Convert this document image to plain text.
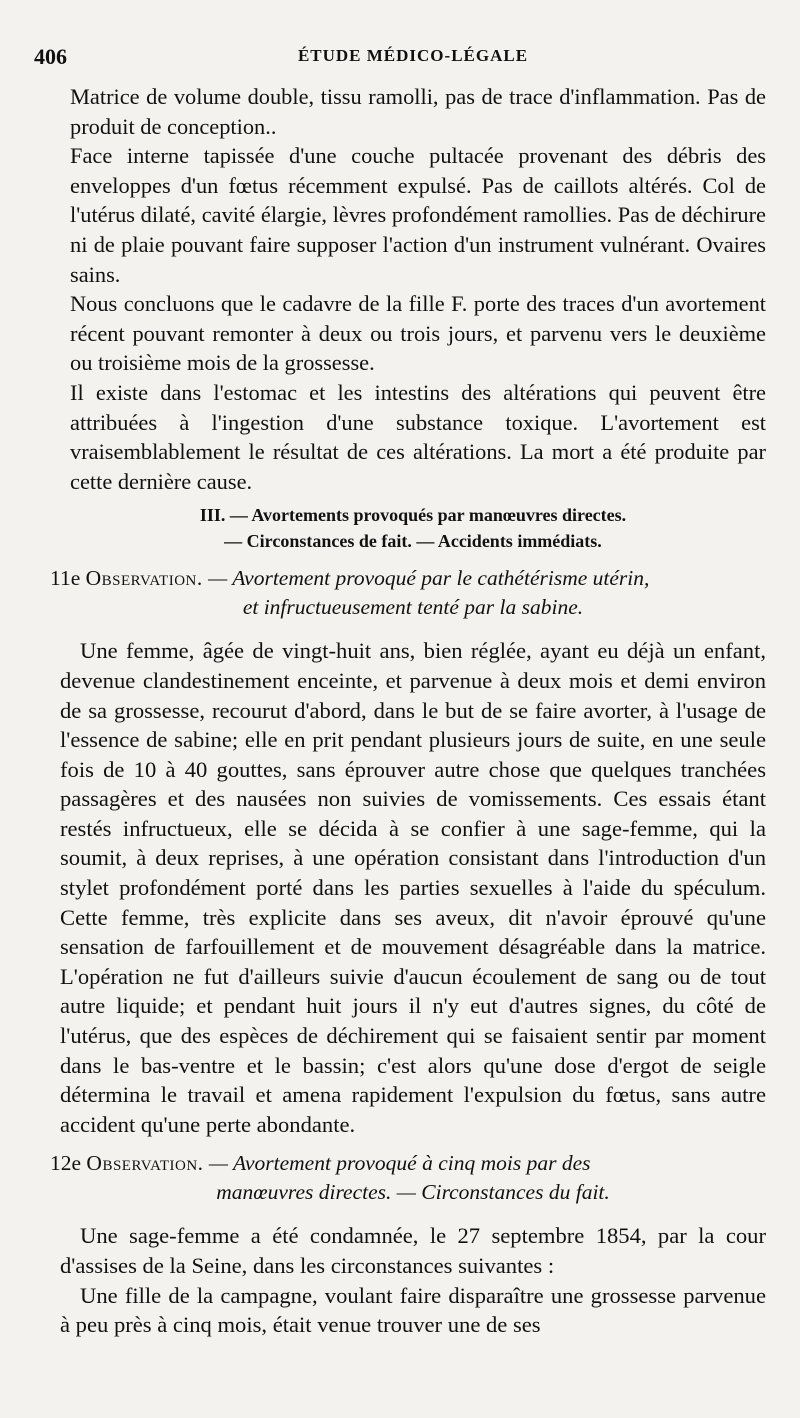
406	ÉTUDE MÉDICO-LÉGALE

Matrice de volume double, tissu ramolli, pas de trace d'inflammation. Pas de produit de conception..

Face interne tapissée d'une couche pultacée provenant des débris des enveloppes d'un fœtus récemment expulsé. Pas de caillots altérés. Col de l'utérus dilaté, cavité élargie, lèvres profondément ramollies. Pas de déchirure ni de plaie pouvant faire supposer l'action d'un instrument vulnérant. Ovaires sains.

Nous concluons que le cadavre de la fille F. porte des traces d'un avortement récent pouvant remonter à deux ou trois jours, et parvenu vers le deuxième ou troisième mois de la grossesse.

Il existe dans l'estomac et les intestins des altérations qui peuvent être attribuées à l'ingestion d'une substance toxique. L'avortement est vraisemblablement le résultat de ces altérations. La mort a été produite par cette dernière cause.

III. — Avortements provoqués par manœuvres directes.
— Circonstances de fait. — Accidents immédiats.
11e Observation. — Avortement provoqué par le cathétérisme utérin,
et infructueusement tenté par la sabine.

Une femme, âgée de vingt-huit ans, bien réglée, ayant eu déjà un enfant, devenue clandestinement enceinte, et parvenue à deux mois et demi environ de sa grossesse, recourut d'abord, dans le but de se faire avorter, à l'usage de l'essence de sabine; elle en prit pendant plusieurs jours de suite, en une seule fois de 10 à 40 gouttes, sans éprouver autre chose que quelques tranchées passagères et des nausées non suivies de vomissements. Ces essais étant restés infructueux, elle se décida à se confier à une sage-femme, qui la soumit, à deux reprises, à une opération consistant dans l'introduction d'un stylet profondément porté dans les parties sexuelles à l'aide du spéculum. Cette femme, très explicite dans ses aveux, dit n'avoir éprouvé qu'une sensation de farfouillement et de mouvement désagréable dans la matrice. L'opération ne fut d'ailleurs suivie d'aucun écoulement de sang ou de tout autre liquide; et pendant huit jours il n'y eut d'autres signes, du côté de l'utérus, que des espèces de déchirement qui se faisaient sentir par moment dans le bas-ventre et le bassin; c'est alors qu'une dose d'ergot de seigle détermina le travail et amena rapidement l'expulsion du fœtus, sans autre accident qu'une perte abondante.

12e Observation. — Avortement provoqué à cinq mois par des
manœuvres directes. — Circonstances du fait.

Une sage-femme a été condamnée, le 27 septembre 1854, par la cour d'assises de la Seine, dans les circonstances suivantes :

Une fille de la campagne, voulant faire disparaître une grossesse parvenue à peu près à cinq mois, était venue trouver une de ses
